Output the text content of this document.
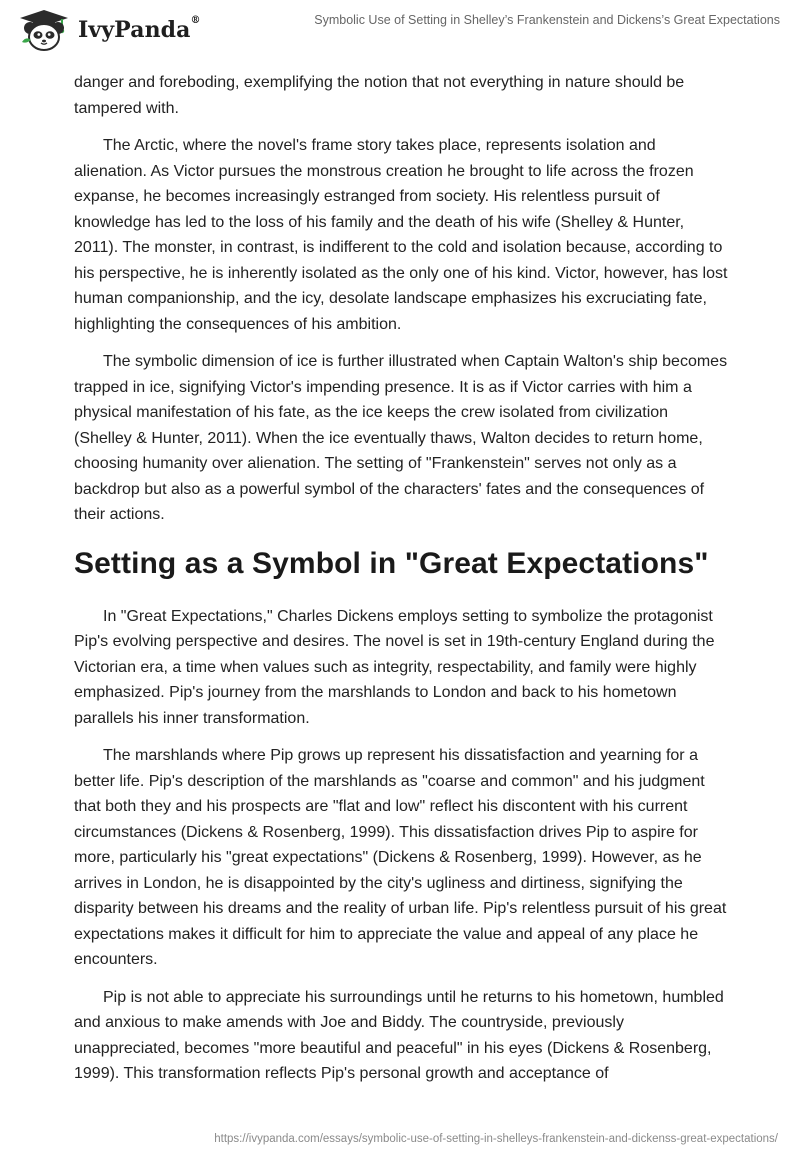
IvyPanda®	Symbolic Use of Setting in Shelley’s Frankenstein and Dickens’s Great Expectations

danger and foreboding, exemplifying the notion that not everything in nature should be tampered with.

The Arctic, where the novel's frame story takes place, represents isolation and alienation. As Victor pursues the monstrous creation he brought to life across the frozen expanse, he becomes increasingly estranged from society. His relentless pursuit of knowledge has led to the loss of his family and the death of his wife (Shelley & Hunter, 2011). The monster, in contrast, is indifferent to the cold and isolation because, according to his perspective, he is inherently isolated as the only one of his kind. Victor, however, has lost human companionship, and the icy, desolate landscape emphasizes his excruciating fate, highlighting the consequences of his ambition.

The symbolic dimension of ice is further illustrated when Captain Walton's ship becomes trapped in ice, signifying Victor's impending presence. It is as if Victor carries with him a physical manifestation of his fate, as the ice keeps the crew isolated from civilization (Shelley & Hunter, 2011). When the ice eventually thaws, Walton decides to return home, choosing humanity over alienation. The setting of "Frankenstein" serves not only as a backdrop but also as a powerful symbol of the characters' fates and the consequences of their actions.

Setting as a Symbol in "Great Expectations"

In "Great Expectations," Charles Dickens employs setting to symbolize the protagonist Pip's evolving perspective and desires. The novel is set in 19th-century England during the Victorian era, a time when values such as integrity, respectability, and family were highly emphasized. Pip's journey from the marshlands to London and back to his hometown parallels his inner transformation.

The marshlands where Pip grows up represent his dissatisfaction and yearning for a better life. Pip's description of the marshlands as "coarse and common" and his judgment that both they and his prospects are "flat and low" reflect his discontent with his current circumstances (Dickens & Rosenberg, 1999). This dissatisfaction drives Pip to aspire for more, particularly his "great expectations" (Dickens & Rosenberg, 1999). However, as he arrives in London, he is disappointed by the city's ugliness and dirtiness, signifying the disparity between his dreams and the reality of urban life. Pip's relentless pursuit of his great expectations makes it difficult for him to appreciate the value and appeal of any place he encounters.

Pip is not able to appreciate his surroundings until he returns to his hometown, humbled and anxious to make amends with Joe and Biddy. The countryside, previously unappreciated, becomes "more beautiful and peaceful" in his eyes (Dickens & Rosenberg, 1999). This transformation reflects Pip's personal growth and acceptance of

https://ivypanda.com/essays/symbolic-use-of-setting-in-shelleys-frankenstein-and-dickenss-great-expectations/
